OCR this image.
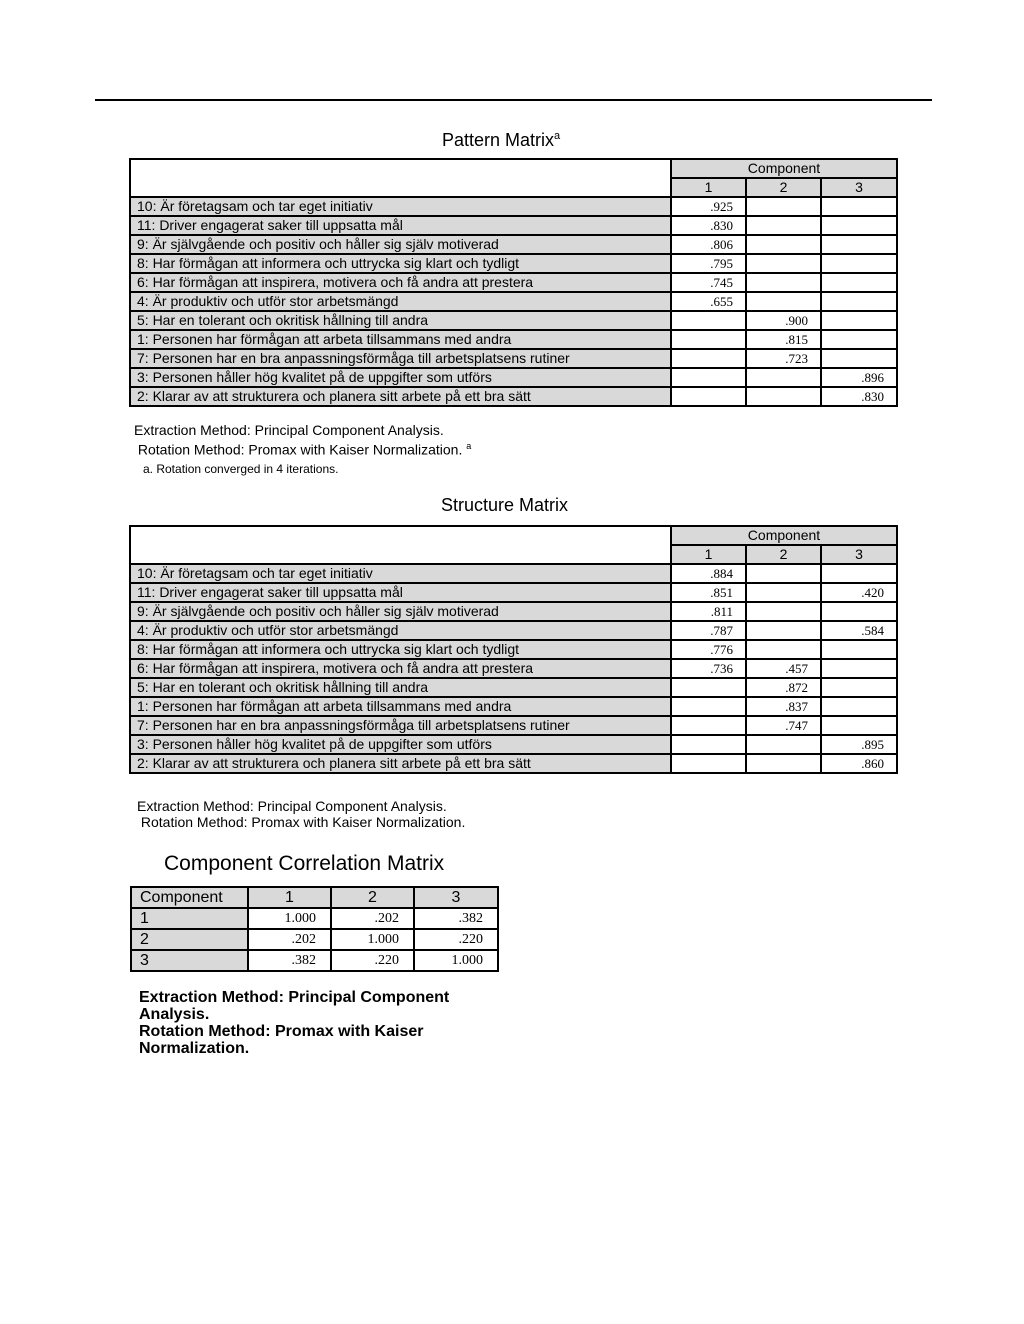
Pattern Matrix$^a$
	Component		
	1	2	3
10: Är företagsam och tar eget initiativ	.925		
11: Driver engagerat saker till uppsatta mål	.830		
9: Är självgående och positiv och håller sig själv motiverad	.806		
8: Har förmågan att informera och uttrycka sig klart och tydligt	.795		
6: Har förmågan att inspirera, motivera och få andra att prestera	.745		
4: Är produktiv och utför stor arbetsmängd	.655		
5: Har en tolerant och okritisk hållning till andra		.900	
1: Personen har förmågan att arbeta tillsammans med andra		.815	
7: Personen har en bra anpassningsförmåga till arbetsplatsens rutiner		.723	
3: Personen håller hög kvalitet på de uppgifter som utförs			.896
2: Klarar av att strukturera och planera sitt arbete på ett bra sätt			.830
Extraction Method: Principal Component Analysis.
Rotation Method: Promax with Kaiser Normalization. $^a$
a. Rotation converged in 4 iterations.
Structure Matrix
	Component		
	1	2	3
10: Är företagsam och tar eget initiativ	.884		
11: Driver engagerat saker till uppsatta mål	.851		.420
9: Är självgående och positiv och håller sig själv motiverad	.811		
4: Är produktiv och utför stor arbetsmängd	.787		.584
8: Har förmågan att informera och uttrycka sig klart och tydligt	.776		
6: Har förmågan att inspirera, motivera och få andra att prestera	.736	.457	
5: Har en tolerant och okritisk hållning till andra		.872	
1: Personen har förmågan att arbeta tillsammans med andra		.837	
7: Personen har en bra anpassningsförmåga till arbetsplatsens rutiner		.747	
3: Personen håller hög kvalitet på de uppgifter som utförs			.895
2: Klarar av att strukturera och planera sitt arbete på ett bra sätt			.860
Extraction Method: Principal Component Analysis.
Rotation Method: Promax with Kaiser Normalization.
Component Correlation Matrix
Component	1	2	3
1	1.000	.202	.382
2	.202	1.000	.220
3	.382	.220	1.000
Extraction Method: Principal Component Analysis.
Rotation Method: Promax with Kaiser Normalization.
